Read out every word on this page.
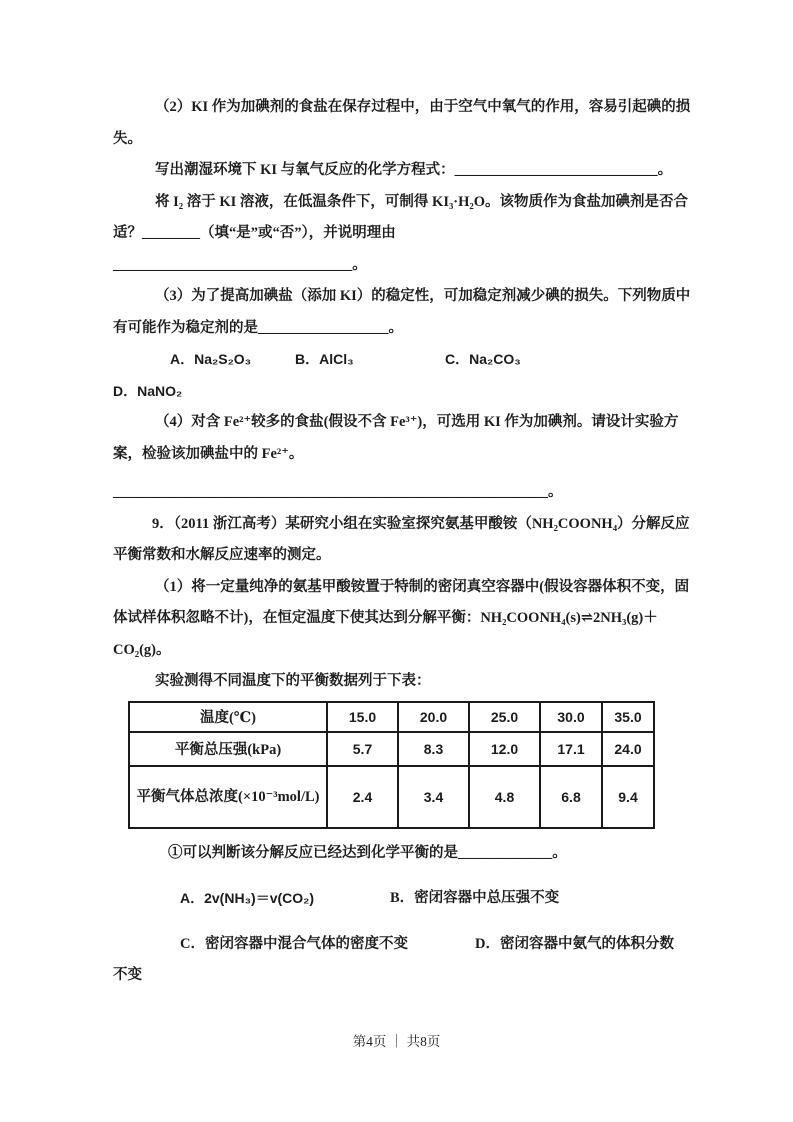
（2）KI 作为加碘剂的食盐在保存过程中，由于空气中氧气的作用，容易引起碘的损
失。
写出潮湿环境下 KI 与氧气反应的化学方程式：____________________________。
将 I₂ 溶于 KI 溶液，在低温条件下，可制得 KI₃·H₂O。该物质作为食盐加碘剂是否合
适？________（填“是”或“否”），并说明理由
_________________________________。
（3）为了提高加碘盐（添加 KI）的稳定性，可加稳定剂减少碘的损失。下列物质中
有可能作为稳定剂的是__________________。
A．Na₂S₂O₃	B．AlCl₃	C．Na₂CO₃
D．NaNO₂
（4）对含 Fe²⁺较多的食盐(假设不含 Fe³⁺)，可选用 KI 作为加碘剂。请设计实验方
案，检验该加碘盐中的 Fe²⁺。
____________________________________________________________。
9．（2011 浙江高考）某研究小组在实验室探究氨基甲酸铵（NH₂COONH₄）分解反应
平衡常数和水解反应速率的测定。
（1）将一定量纯净的氨基甲酸铵置于特制的密闭真空容器中(假设容器体积不变，固
体试样体积忽略不计)，在恒定温度下使其达到分解平衡：NH₂COONH₄(s)⇌2NH₃(g)＋
CO₂(g)。
实验测得不同温度下的平衡数据列于下表：
温度(℃)	15.0	20.0	25.0	30.0	35.0
平衡总压强(kPa)	5.7	8.3	12.0	17.1	24.0
平衡气体总浓度(×10⁻³mol/L)	2.4	3.4	4.8	6.8	9.4
①可以判断该分解反应已经达到化学平衡的是_____________。
A．2v(NH₃)＝v(CO₂)	B．密闭容器中总压强不变
C．密闭容器中混合气体的密度不变	D．密闭容器中氨气的体积分数
不变
第4页 ｜ 共8页
